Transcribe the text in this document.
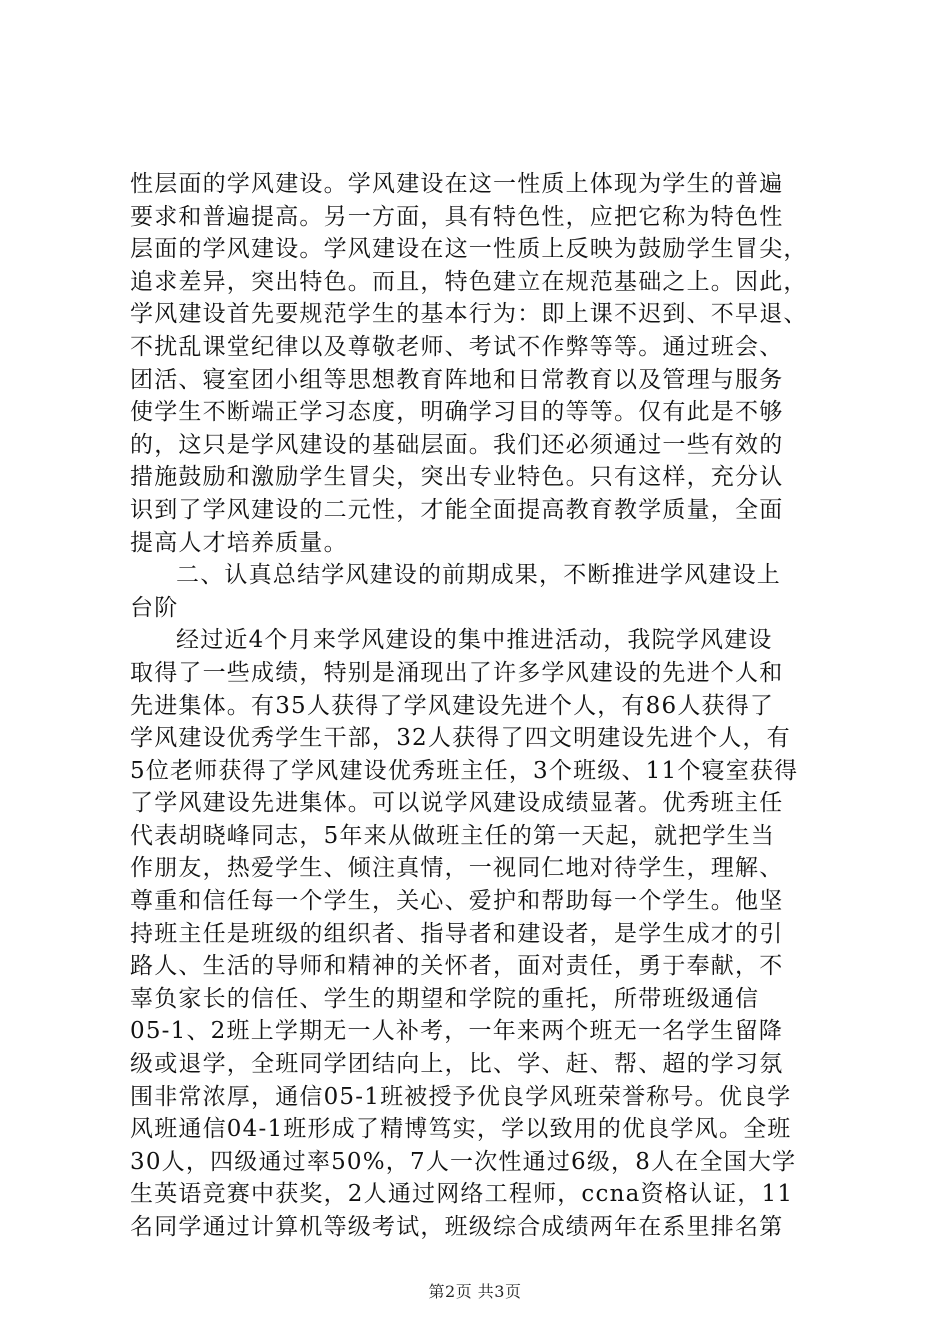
性层面的学风建设。学风建设在这一性质上体现为学生的普遍
要求和普遍提高。另一方面，具有特色性，应把它称为特色性
层面的学风建设。学风建设在这一性质上反映为鼓励学生冒尖，
追求差异，突出特色。而且，特色建立在规范基础之上。因此，
学风建设首先要规范学生的基本行为：即上课不迟到、不早退、
不扰乱课堂纪律以及尊敬老师、考试不作弊等等。通过班会、
团活、寝室团小组等思想教育阵地和日常教育以及管理与服务
使学生不断端正学习态度，明确学习目的等等。仅有此是不够
的，这只是学风建设的基础层面。我们还必须通过一些有效的
措施鼓励和激励学生冒尖，突出专业特色。只有这样，充分认
识到了学风建设的二元性，才能全面提高教育教学质量，全面
提高人才培养质量。
二、认真总结学风建设的前期成果，不断推进学风建设上
台阶
经过近4个月来学风建设的集中推进活动，我院学风建设
取得了一些成绩，特别是涌现出了许多学风建设的先进个人和
先进集体。有35人获得了学风建设先进个人，有86人获得了
学风建设优秀学生干部，32人获得了四文明建设先进个人，有
5位老师获得了学风建设优秀班主任，3个班级、11个寝室获得
了学风建设先进集体。可以说学风建设成绩显著。优秀班主任
代表胡晓峰同志，5年来从做班主任的第一天起，就把学生当
作朋友，热爱学生、倾注真情，一视同仁地对待学生，理解、
尊重和信任每一个学生，关心、爱护和帮助每一个学生。他坚
持班主任是班级的组织者、指导者和建设者，是学生成才的引
路人、生活的导师和精神的关怀者，面对责任，勇于奉献，不
辜负家长的信任、学生的期望和学院的重托，所带班级通信
05-1、2班上学期无一人补考，一年来两个班无一名学生留降
级或退学，全班同学团结向上，比、学、赶、帮、超的学习氛
围非常浓厚，通信05-1班被授予优良学风班荣誉称号。优良学
风班通信04-1班形成了精博笃实，学以致用的优良学风。全班
30人，四级通过率50%，7人一次性通过6级，8人在全国大学
生英语竞赛中获奖，2人通过网络工程师，ccna资格认证，11
名同学通过计算机等级考试，班级综合成绩两年在系里排名第
第2页 共3页
